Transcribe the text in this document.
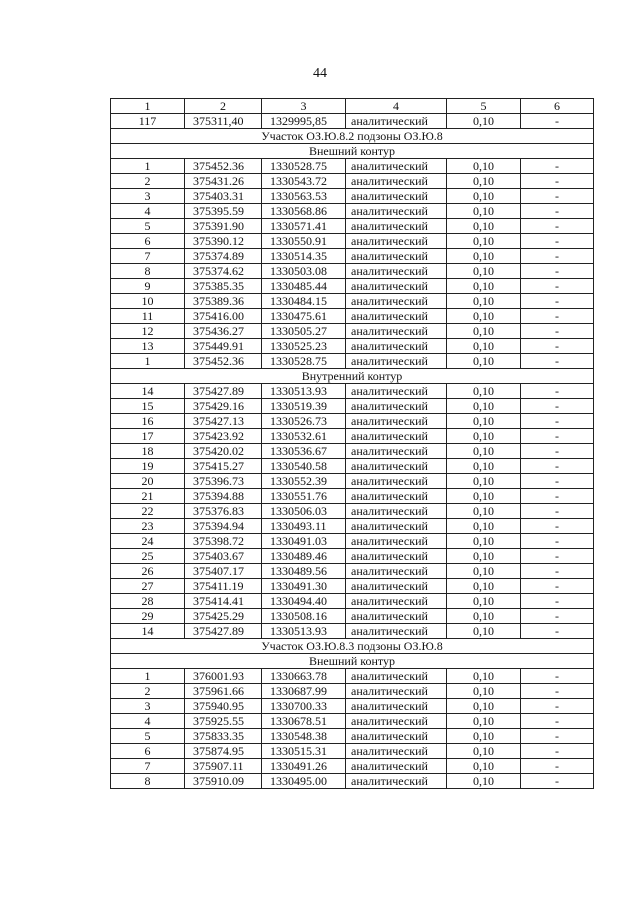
44
1	2	3	4	5	6
117	375311,40	1329995,85	аналитический	0,10	-
Участок ОЗ.Ю.8.2 подзоны ОЗ.Ю.8					
Внешний контур					
1	375452.36	1330528.75	аналитический	0,10	-
2	375431.26	1330543.72	аналитический	0,10	-
3	375403.31	1330563.53	аналитический	0,10	-
4	375395.59	1330568.86	аналитический	0,10	-
5	375391.90	1330571.41	аналитический	0,10	-
6	375390.12	1330550.91	аналитический	0,10	-
7	375374.89	1330514.35	аналитический	0,10	-
8	375374.62	1330503.08	аналитический	0,10	-
9	375385.35	1330485.44	аналитический	0,10	-
10	375389.36	1330484.15	аналитический	0,10	-
11	375416.00	1330475.61	аналитический	0,10	-
12	375436.27	1330505.27	аналитический	0,10	-
13	375449.91	1330525.23	аналитический	0,10	-
1	375452.36	1330528.75	аналитический	0,10	-
Внутренний контур					
14	375427.89	1330513.93	аналитический	0,10	-
15	375429.16	1330519.39	аналитический	0,10	-
16	375427.13	1330526.73	аналитический	0,10	-
17	375423.92	1330532.61	аналитический	0,10	-
18	375420.02	1330536.67	аналитический	0,10	-
19	375415.27	1330540.58	аналитический	0,10	-
20	375396.73	1330552.39	аналитический	0,10	-
21	375394.88	1330551.76	аналитический	0,10	-
22	375376.83	1330506.03	аналитический	0,10	-
23	375394.94	1330493.11	аналитический	0,10	-
24	375398.72	1330491.03	аналитический	0,10	-
25	375403.67	1330489.46	аналитический	0,10	-
26	375407.17	1330489.56	аналитический	0,10	-
27	375411.19	1330491.30	аналитический	0,10	-
28	375414.41	1330494.40	аналитический	0,10	-
29	375425.29	1330508.16	аналитический	0,10	-
14	375427.89	1330513.93	аналитический	0,10	-
Участок ОЗ.Ю.8.3 подзоны ОЗ.Ю.8					
Внешний контур					
1	376001.93	1330663.78	аналитический	0,10	-
2	375961.66	1330687.99	аналитический	0,10	-
3	375940.95	1330700.33	аналитический	0,10	-
4	375925.55	1330678.51	аналитический	0,10	-
5	375833.35	1330548.38	аналитический	0,10	-
6	375874.95	1330515.31	аналитический	0,10	-
7	375907.11	1330491.26	аналитический	0,10	-
8	375910.09	1330495.00	аналитический	0,10	-
